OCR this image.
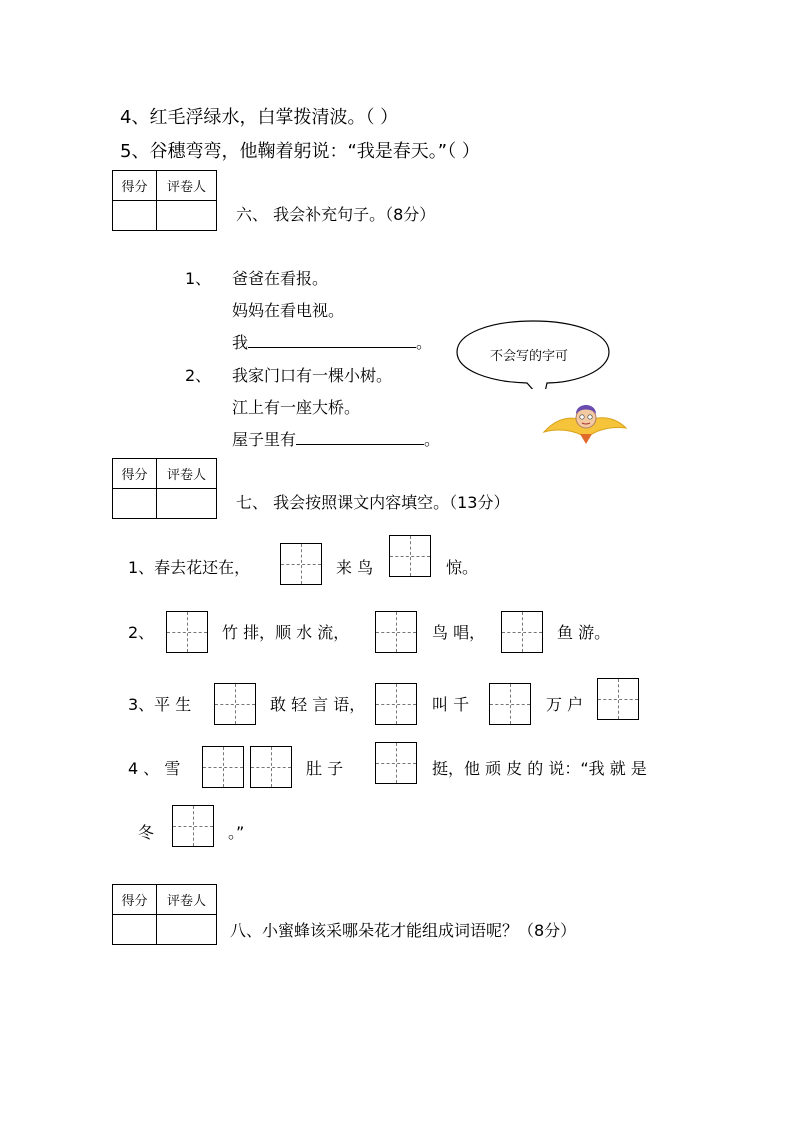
4、红毛浮绿水，白掌拨清波。（ ）
5、谷穗弯弯，他鞠着躬说：“我是春天。”（ ）
得分	评卷人

六、 我会补充句子。（8分）
1、 爸爸在看报。
妈妈在看电视。
我	。
2、 我家门口有一棵小树。
江上有一座大桥。
屋子里有	。
不会写的字可
得分	评卷人

七、 我会按照课文内容填空。（13分）
1、春去花还在，	来 鸟	惊。
2、	竹 排，顺 水 流，	鸟 唱，	鱼 游。
3、平 生	敢 轻 言 语，	叫 千	万 户
4 、 雪	肚 子	挺，他 顽 皮 的 说：“我 就 是
冬	。”
得分	评卷人

八、小蜜蜂该采哪朵花才能组成词语呢？（8分）
